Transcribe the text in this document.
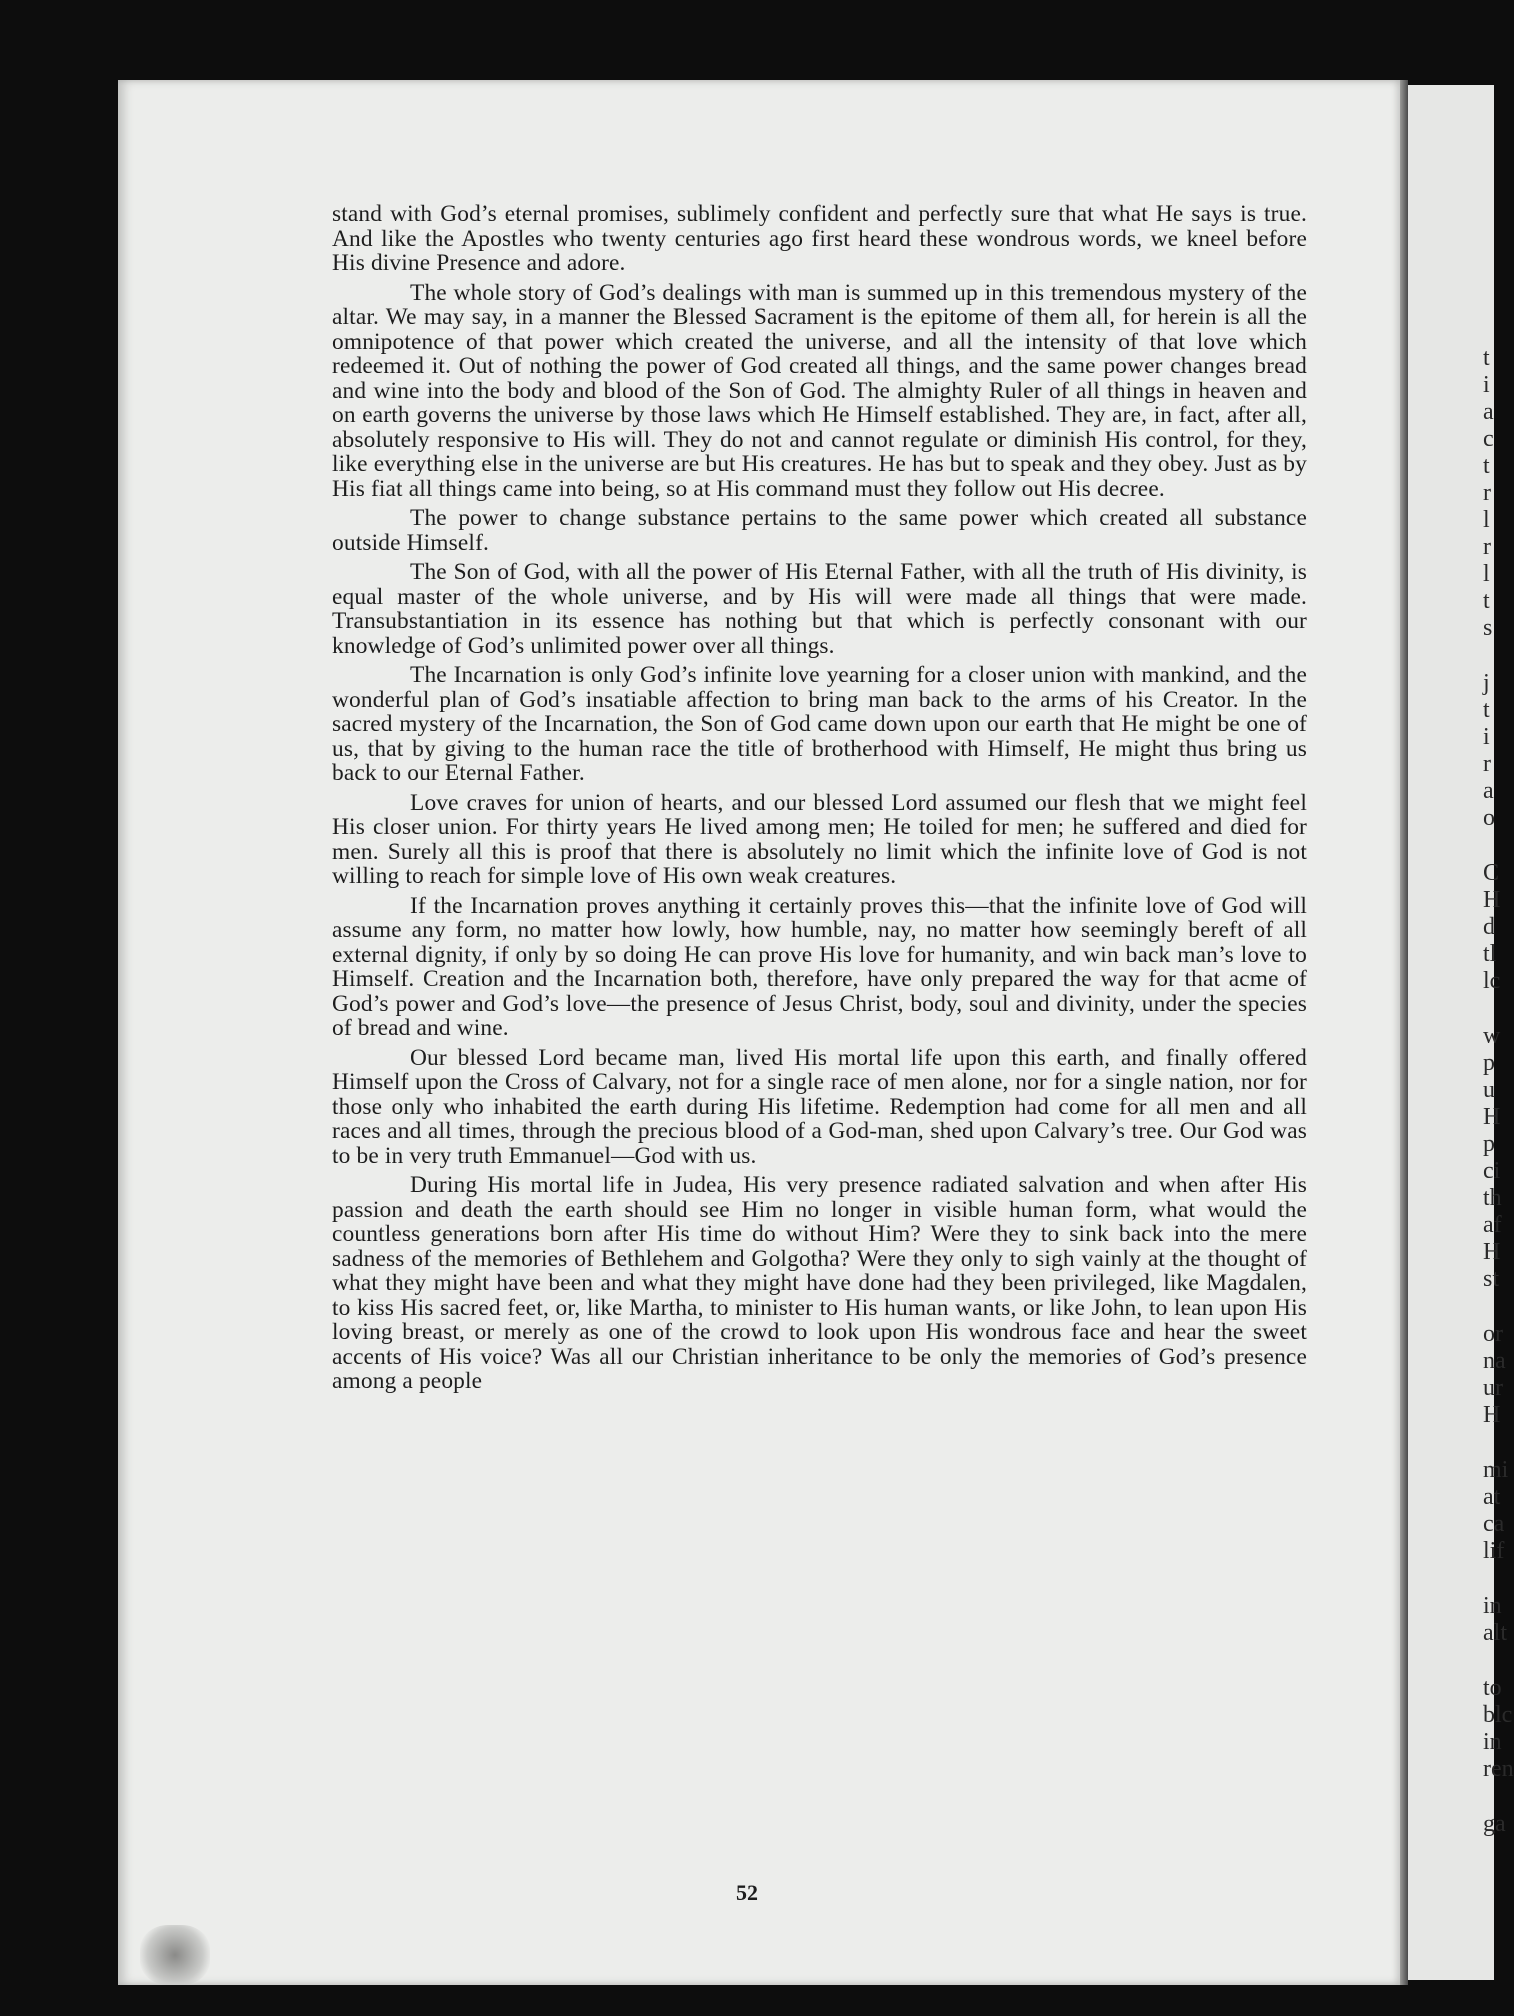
t
i
a
c
t
r
l
r
l
t
s
j
t
i
r
a
o
C
H
d
tl
lc
w
p
u
H
p
ci
th
af
H
st
or
na
ur
H
mi
at
ca
lif
in
alt
to
blc
in
ren
ga

stand with God’s eternal promises, sublimely confident and perfectly sure that what He says is true. And like the Apostles who twenty centuries ago first heard these wondrous words, we kneel before His divine Presence and adore.

The whole story of God’s dealings with man is summed up in this tremendous mystery of the altar. We may say, in a manner the Blessed Sacrament is the epitome of them all, for herein is all the omnipotence of that power which created the universe, and all the intensity of that love which redeemed it. Out of nothing the power of God created all things, and the same power changes bread and wine into the body and blood of the Son of God. The almighty Ruler of all things in heaven and on earth governs the universe by those laws which He Himself established. They are, in fact, after all, absolutely responsive to His will. They do not and cannot regulate or diminish His control, for they, like everything else in the universe are but His creatures. He has but to speak and they obey. Just as by His fiat all things came into being, so at His command must they follow out His decree.

The power to change substance pertains to the same power which created all substance outside Himself.

The Son of God, with all the power of His Eternal Father, with all the truth of His divinity, is equal master of the whole universe, and by His will were made all things that were made. Transubstantiation in its essence has nothing but that which is perfectly consonant with our knowledge of God’s unlimited power over all things.

The Incarnation is only God’s infinite love yearning for a closer union with mankind, and the wonderful plan of God’s insatiable affection to bring man back to the arms of his Creator. In the sacred mystery of the Incarnation, the Son of God came down upon our earth that He might be one of us, that by giving to the human race the title of brotherhood with Himself, He might thus bring us back to our Eternal Father.

Love craves for union of hearts, and our blessed Lord assumed our flesh that we might feel His closer union. For thirty years He lived among men; He toiled for men; he suffered and died for men. Surely all this is proof that there is absolutely no limit which the infinite love of God is not willing to reach for simple love of His own weak creatures.

If the Incarnation proves anything it certainly proves this—that the infinite love of God will assume any form, no matter how lowly, how humble, nay, no matter how seemingly bereft of all external dignity, if only by so doing He can prove His love for humanity, and win back man’s love to Himself. Creation and the Incarnation both, therefore, have only prepared the way for that acme of God’s power and God’s love—the presence of Jesus Christ, body, soul and divinity, under the species of bread and wine.

Our blessed Lord became man, lived His mortal life upon this earth, and finally offered Himself upon the Cross of Calvary, not for a single race of men alone, nor for a single nation, nor for those only who inhabited the earth during His lifetime. Redemption had come for all men and all races and all times, through the precious blood of a God-man, shed upon Calvary’s tree. Our God was to be in very truth Emmanuel—God with us.

During His mortal life in Judea, His very presence radiated salvation and when after His passion and death the earth should see Him no longer in visible human form, what would the countless generations born after His time do without Him? Were they to sink back into the mere sadness of the memories of Bethlehem and Golgotha? Were they only to sigh vainly at the thought of what they might have been and what they might have done had they been privileged, like Magdalen, to kiss His sacred feet, or, like Martha, to minister to His human wants, or like John, to lean upon His loving breast, or merely as one of the crowd to look upon His wondrous face and hear the sweet accents of His voice? Was all our Christian inheritance to be only the memories of God’s presence among a people

52
